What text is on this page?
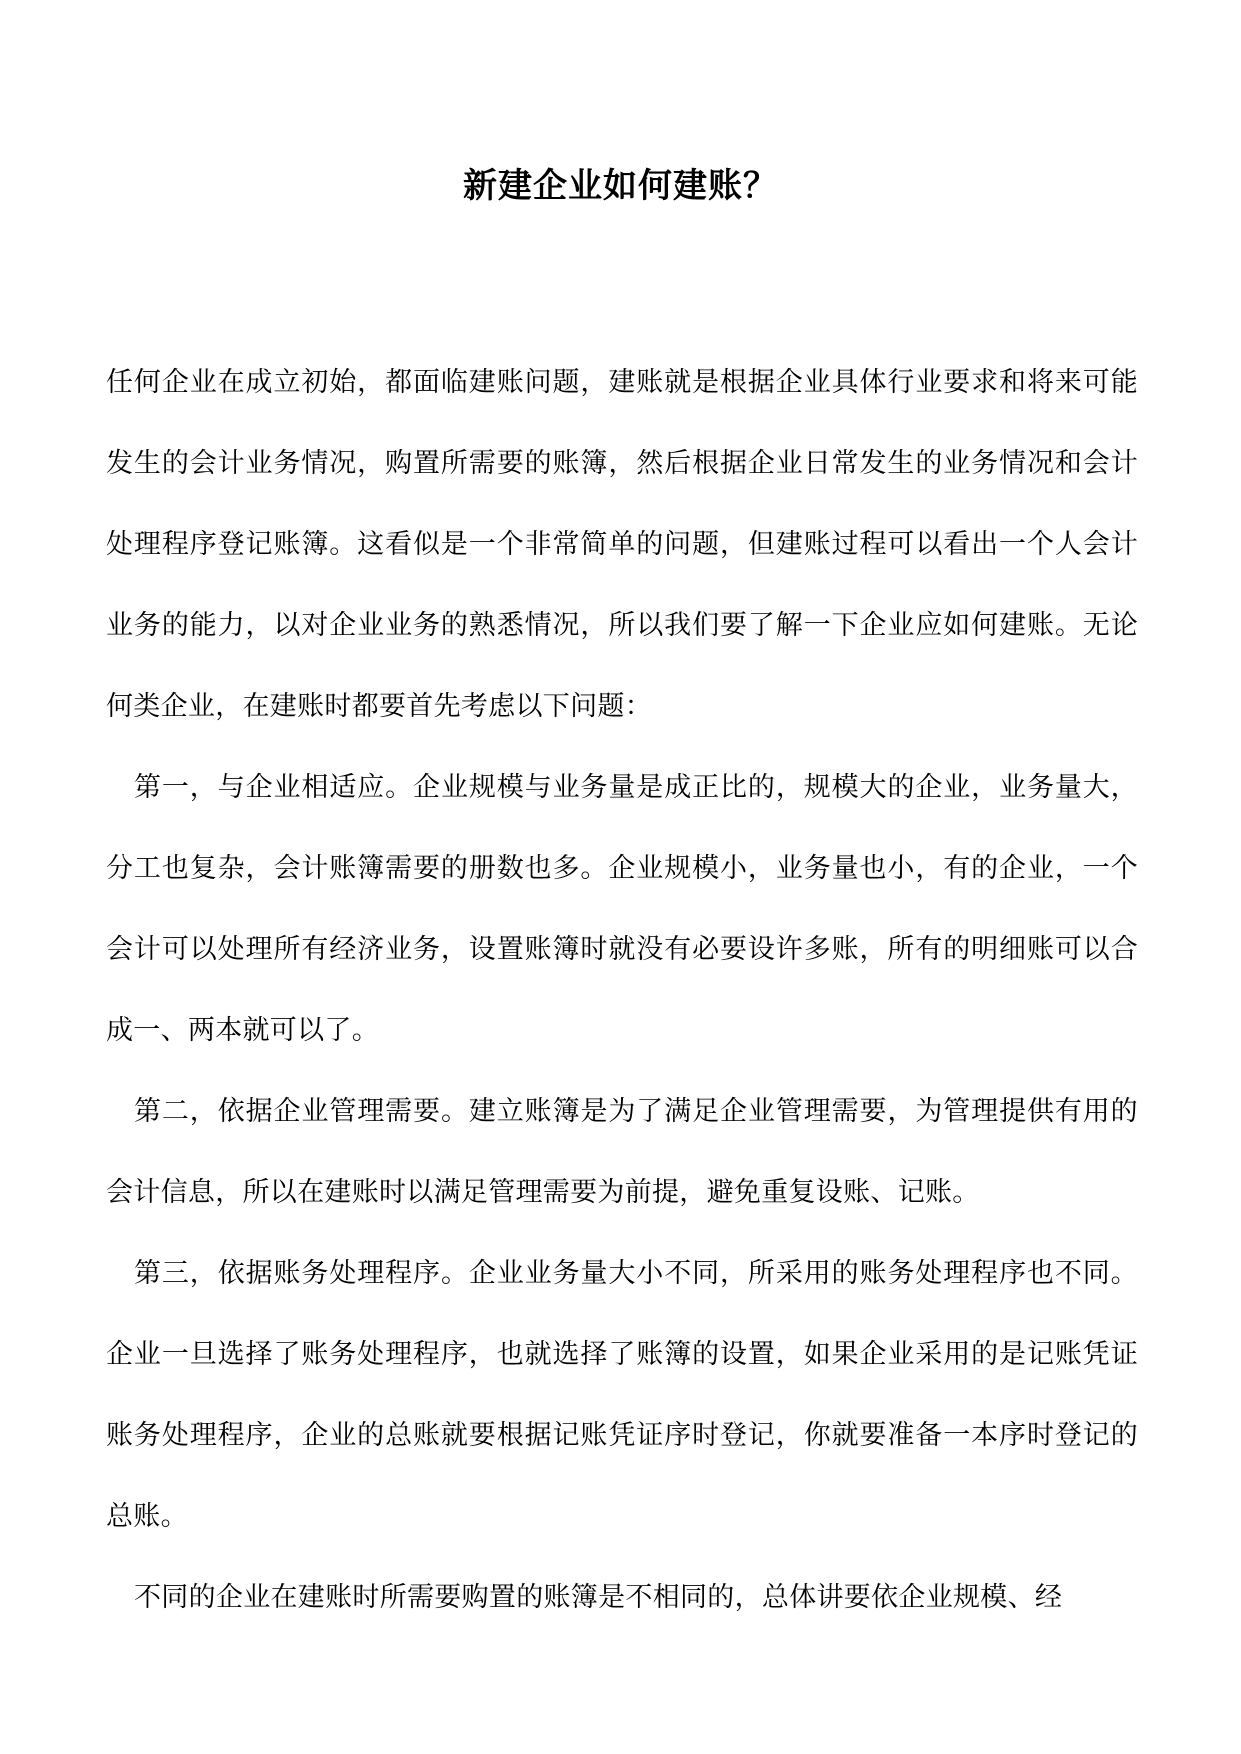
新建企业如何建账？

任何企业在成立初始，都面临建账问题，建账就是根据企业具体行业要求和将来可能发生的会计业务情况，购置所需要的账簿，然后根据企业日常发生的业务情况和会计处理程序登记账簿。这看似是一个非常简单的问题，但建账过程可以看出一个人会计业务的能力，以对企业业务的熟悉情况，所以我们要了解一下企业应如何建账。无论何类企业，在建账时都要首先考虑以下问题：

第一，与企业相适应。企业规模与业务量是成正比的，规模大的企业，业务量大，分工也复杂，会计账簿需要的册数也多。企业规模小，业务量也小，有的企业，一个会计可以处理所有经济业务，设置账簿时就没有必要设许多账，所有的明细账可以合成一、两本就可以了。

第二，依据企业管理需要。建立账簿是为了满足企业管理需要，为管理提供有用的会计信息，所以在建账时以满足管理需要为前提，避免重复设账、记账。

第三，依据账务处理程序。企业业务量大小不同，所采用的账务处理程序也不同。企业一旦选择了账务处理程序，也就选择了账簿的设置，如果企业采用的是记账凭证账务处理程序，企业的总账就要根据记账凭证序时登记，你就要准备一本序时登记的总账。

不同的企业在建账时所需要购置的账簿是不相同的，总体讲要依企业规模、经
